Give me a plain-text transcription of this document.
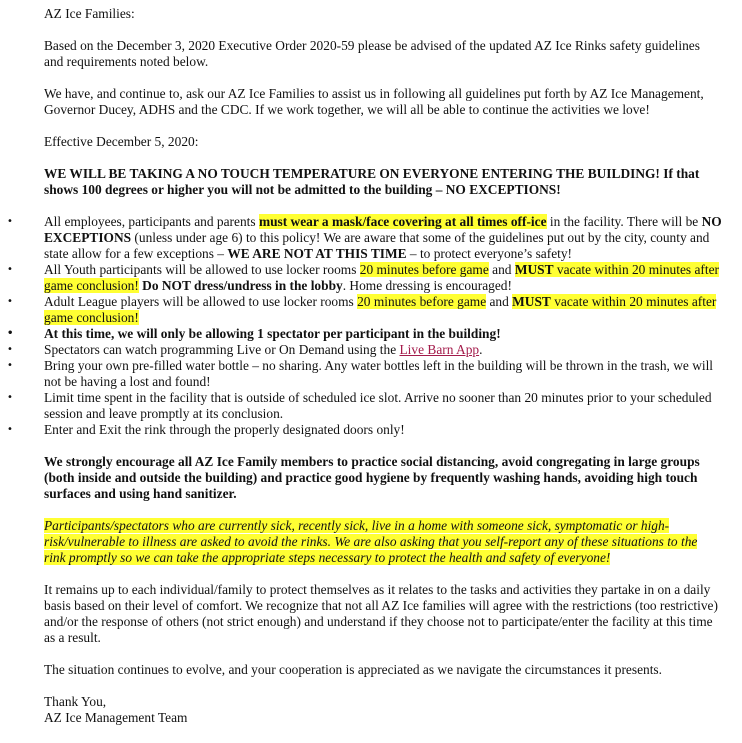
AZ Ice Families:

Based on the December 3, 2020 Executive Order 2020-59 please be advised of the updated AZ Ice Rinks safety guidelines and requirements noted below.

We have, and continue to, ask our AZ Ice Families to assist us in following all guidelines put forth by AZ Ice Management, Governor Ducey, ADHS and the CDC. If we work together, we will all be able to continue the activities we love!

Effective December 5, 2020:

WE WILL BE TAKING A NO TOUCH TEMPERATURE ON EVERYONE ENTERING THE BUILDING! If that shows 100 degrees or higher you will not be admitted to the building – NO EXCEPTIONS!

• All employees, participants and parents must wear a mask/face covering at all times off-ice in the facility. There will be NO EXCEPTIONS (unless under age 6) to this policy! We are aware that some of the guidelines put out by the city, county and state allow for a few exceptions – WE ARE NOT AT THIS TIME – to protect everyone’s safety!
• All Youth participants will be allowed to use locker rooms 20 minutes before game and MUST vacate within 20 minutes after game conclusion! Do NOT dress/undress in the lobby. Home dressing is encouraged!
• Adult League players will be allowed to use locker rooms 20 minutes before game and MUST vacate within 20 minutes after game conclusion!
• At this time, we will only be allowing 1 spectator per participant in the building!
• Spectators can watch programming Live or On Demand using the Live Barn App.
• Bring your own pre-filled water bottle – no sharing. Any water bottles left in the building will be thrown in the trash, we will not be having a lost and found!
• Limit time spent in the facility that is outside of scheduled ice slot. Arrive no sooner than 20 minutes prior to your scheduled session and leave promptly at its conclusion.
• Enter and Exit the rink through the properly designated doors only!

We strongly encourage all AZ Ice Family members to practice social distancing, avoid congregating in large groups (both inside and outside the building) and practice good hygiene by frequently washing hands, avoiding high touch surfaces and using hand sanitizer.

Participants/spectators who are currently sick, recently sick, live in a home with someone sick, symptomatic or high-risk/vulnerable to illness are asked to avoid the rinks. We are also asking that you self-report any of these situations to the rink promptly so we can take the appropriate steps necessary to protect the health and safety of everyone!

It remains up to each individual/family to protect themselves as it relates to the tasks and activities they partake in on a daily basis based on their level of comfort. We recognize that not all AZ Ice families will agree with the restrictions (too restrictive) and/or the response of others (not strict enough) and understand if they choose not to participate/enter the facility at this time as a result.

The situation continues to evolve, and your cooperation is appreciated as we navigate the circumstances it presents.

Thank You,

AZ Ice Management Team
